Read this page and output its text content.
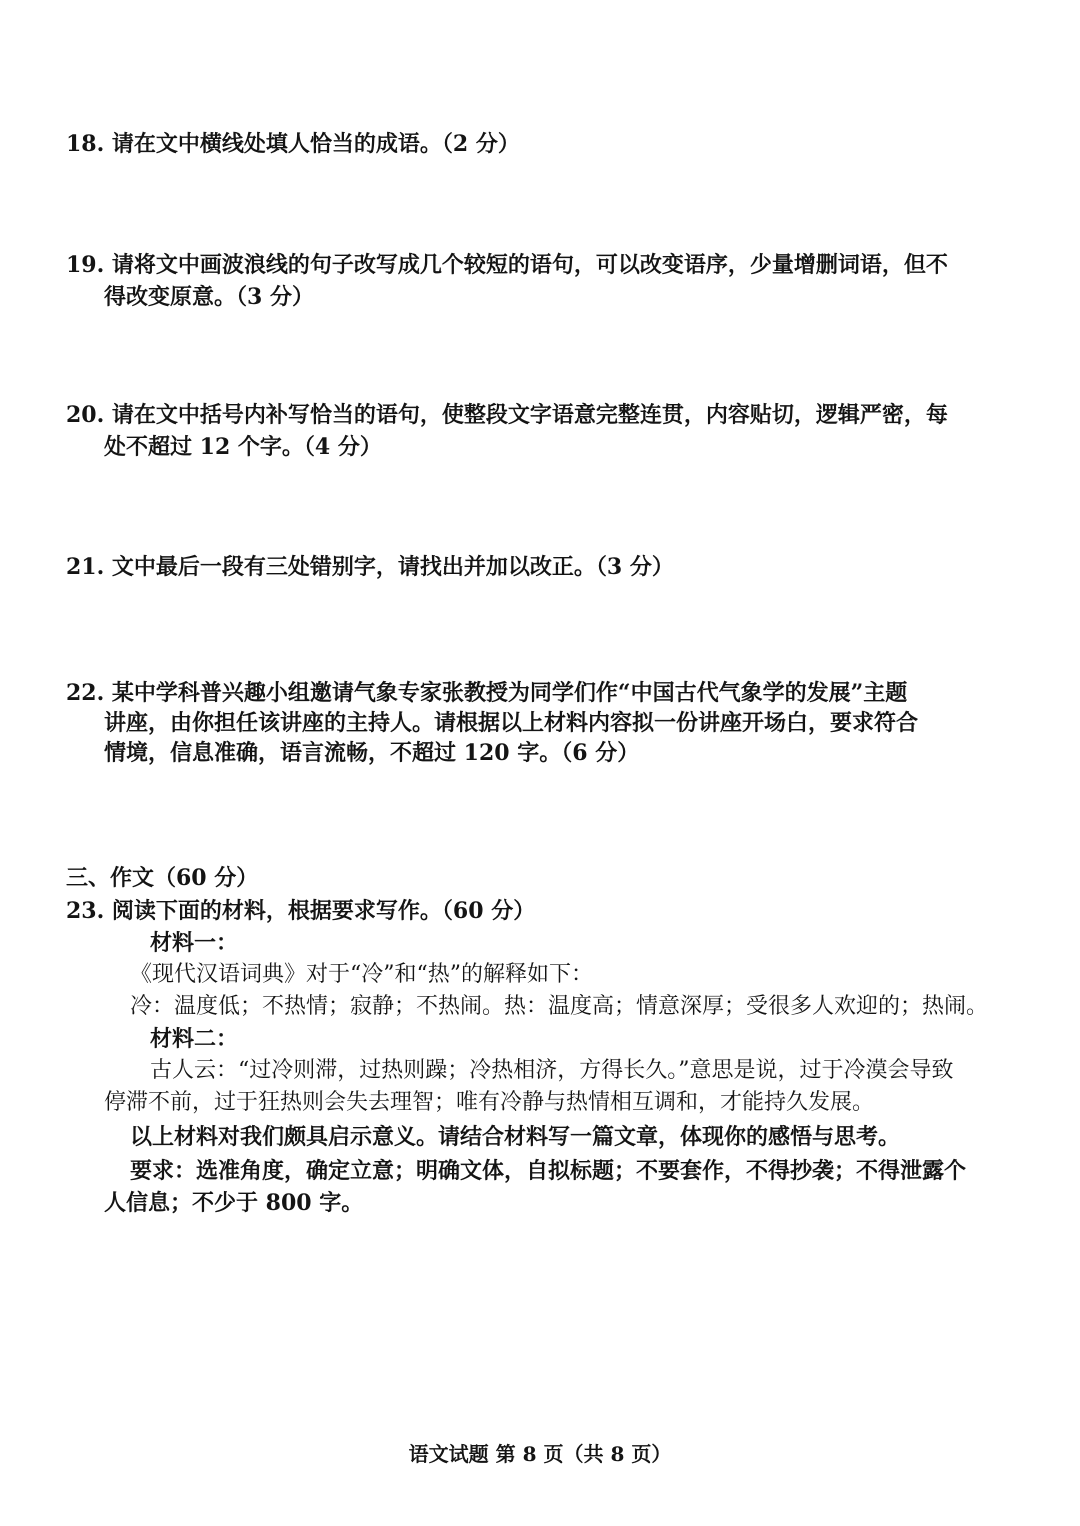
18. 请在文中横线处填人恰当的成语。（2 分）
19. 请将文中画波浪线的句子改写成几个较短的语句，可以改变语序，少量增删词语，但不
得改变原意。（3 分）
20. 请在文中括号内补写恰当的语句，使整段文字语意完整连贯，内容贴切，逻辑严密，每
处不超过 12 个字。（4 分）
21. 文中最后一段有三处错别字，请找出并加以改正。（3 分）
22. 某中学科普兴趣小组邀请气象专家张教授为同学们作“中国古代气象学的发展”主题
讲座，由你担任该讲座的主持人。请根据以上材料内容拟一份讲座开场白，要求符合
情境，信息准确，语言流畅，不超过 120 字。（6 分）
三、作文（60 分）
23. 阅读下面的材料，根据要求写作。（60 分）
材料一：
《现代汉语词典》对于“冷”和“热”的解释如下：
冷：温度低；不热情；寂静；不热闹。热：温度高；情意深厚；受很多人欢迎的；热闹。
材料二：
古人云：“过冷则滞，过热则躁；冷热相济，方得长久。”意思是说，过于冷漠会导致
停滞不前，过于狂热则会失去理智；唯有冷静与热情相互调和，才能持久发展。
以上材料对我们颇具启示意义。请结合材料写一篇文章，体现你的感悟与思考。
要求：选准角度，确定立意；明确文体，自拟标题；不要套作，不得抄袭；不得泄露个
人信息；不少于 800 字。
语文试题 第 8 页（共 8 页）
